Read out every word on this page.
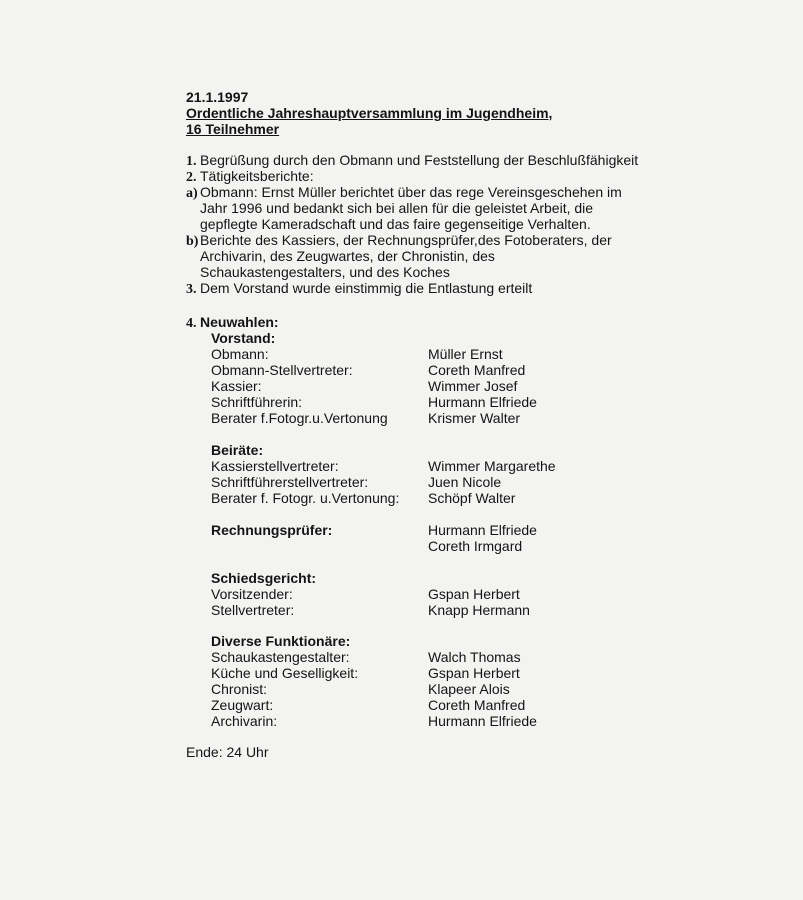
21.1.1997
Ordentliche Jahreshauptversammlung im Jugendheim,
16 Teilnehmer
1. Begrüßung durch den Obmann und Feststellung der Beschlußfähigkeit
2. Tätigkeitsberichte:
a) Obmann: Ernst Müller berichtet über das rege Vereinsgeschehen im
Jahr 1996 und bedankt sich bei allen für die geleistet Arbeit, die
gepflegte Kameradschaft und das faire gegenseitige Verhalten.
b) Berichte des Kassiers, der Rechnungsprüfer,des Fotoberaters, der
Archivarin, des Zeugwartes, der Chronistin, des
Schaukastengestalters, und des Koches
3. Dem Vorstand wurde einstimmig die Entlastung erteilt
4. Neuwahlen:
Vorstand:
Obmann:	Müller Ernst
Obmann-Stellvertreter:	Coreth Manfred
Kassier:	Wimmer Josef
Schriftführerin:	Hurmann Elfriede
Berater f.Fotogr.u.Vertonung	Krismer Walter
Beiräte:
Kassierstellvertreter:	Wimmer Margarethe
Schriftführerstellvertreter:	Juen Nicole
Berater f. Fotogr. u.Vertonung: Schöpf Walter
Rechnungsprüfer:	Hurmann Elfriede
Coreth Irmgard
Schiedsgericht:
Vorsitzender:	Gspan Herbert
Stellvertreter:	Knapp Hermann
Diverse Funktionäre:
Schaukastengestalter:	Walch Thomas
Küche und Geselligkeit:	Gspan Herbert
Chronist:	Klapeer Alois
Zeugwart:	Coreth Manfred
Archivarin:	Hurmann Elfriede
Ende: 24 Uhr
